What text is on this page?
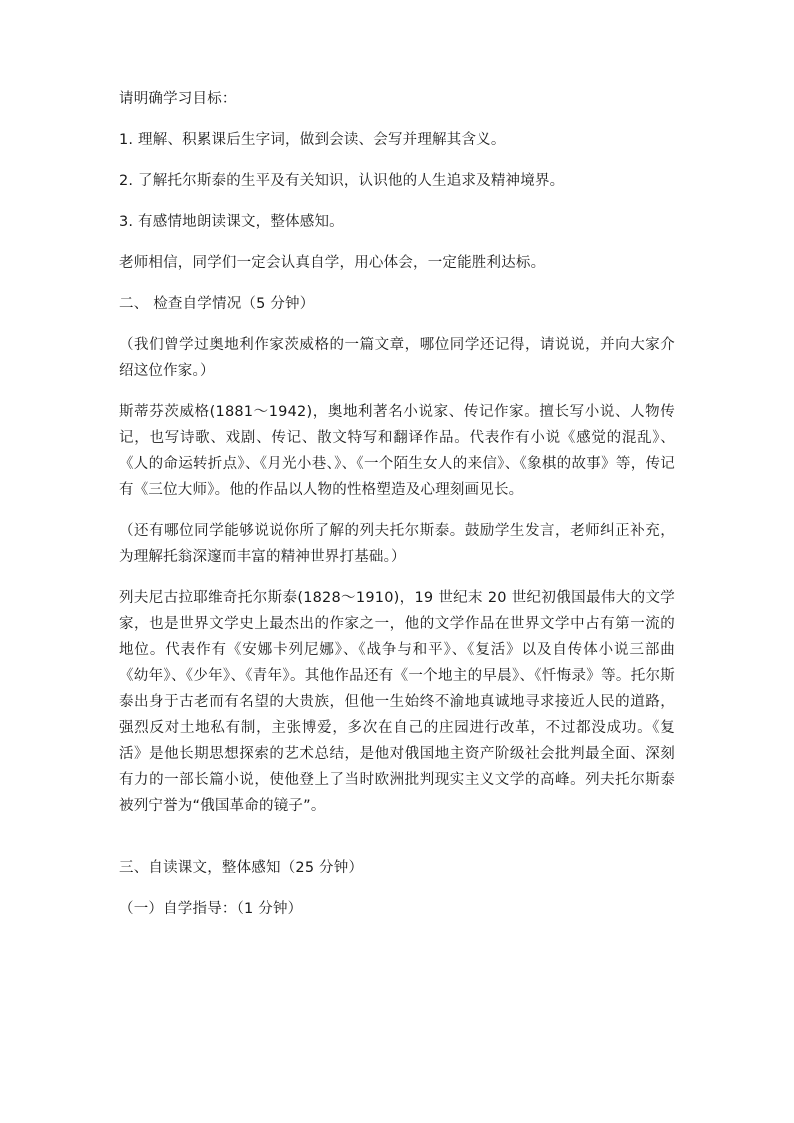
请明确学习目标：

1. 理解、积累课后生字词，做到会读、会写并理解其含义。

2. 了解托尔斯泰的生平及有关知识，认识他的人生追求及精神境界。

3. 有感情地朗读课文，整体感知。

老师相信，同学们一定会认真自学，用心体会，一定能胜利达标。

二、 检查自学情况（5 分钟）

（我们曾学过奥地利作家茨威格的一篇文章，哪位同学还记得，请说说，并向大家介绍这位作家。）

斯蒂芬茨威格(1881～1942)，奥地利著名小说家、传记作家。擅长写小说、人物传记，也写诗歌、戏剧、传记、散文特写和翻译作品。代表作有小说《感觉的混乱》、《人的命运转折点》、《月光小巷、》、《一个陌生女人的来信》、《象棋的故事》等，传记有《三位大师》。他的作品以人物的性格塑造及心理刻画见长。

（还有哪位同学能够说说你所了解的列夫托尔斯泰。鼓励学生发言，老师纠正补充，为理解托翁深邃而丰富的精神世界打基础。）

列夫尼古拉耶维奇托尔斯泰(1828～1910)，19 世纪末 20 世纪初俄国最伟大的文学家，也是世界文学史上最杰出的作家之一，他的文学作品在世界文学中占有第一流的地位。代表作有《安娜卡列尼娜》、《战争与和平》、《复活》以及自传体小说三部曲《幼年》、《少年》、《青年》。其他作品还有《一个地主的早晨》、《忏悔录》等。托尔斯泰出身于古老而有名望的大贵族，但他一生始终不渝地真诚地寻求接近人民的道路，强烈反对土地私有制，主张博爱，多次在自己的庄园进行改革，不过都没成功。《复活》是他长期思想探索的艺术总结，是他对俄国地主资产阶级社会批判最全面、深刻有力的一部长篇小说，使他登上了当时欧洲批判现实主义文学的高峰。列夫托尔斯泰被列宁誉为“俄国革命的镜子”。

三、自读课文，整体感知（25 分钟）

（一）自学指导：（1 分钟）
